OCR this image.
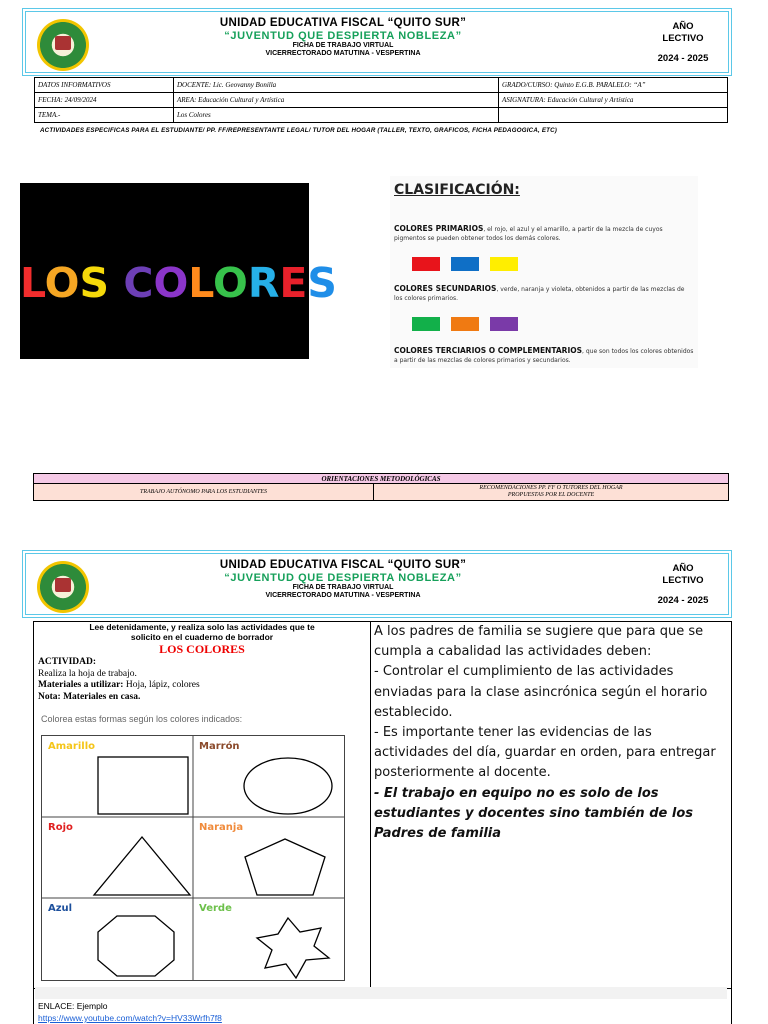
UNIDAD EDUCATIVA FISCAL “QUITO SUR”
“JUVENTUD QUE DESPIERTA NOBLEZA”
FICHA DE TRABAJO VIRTUAL
VICERRECTORADO MATUTINA - VESPERTINA
AÑO
LECTIVO
2024 - 2025
DATOS INFORMATIVOS	DOCENTE: Lic. Geovanny Bonilla	GRADO/CURSO: Quinto E.G.B. PARALELO: “A”
FECHA: 24/09/2024	AREA: Educación Cultural y Artística	ASIGNATURA: Educación Cultural y Artística
TEMA.-	Los Colores	
ACTIVIDADES ESPECIFICAS PARA EL ESTUDIANTE/ PP. FF/REPRESENTANTE LEGAL/ TUTOR DEL HOGAR (TALLER, TEXTO, GRAFICOS, FICHA PEDAGOGICA, ETC)
LOS COLORES
CLASIFICACIÓN:
COLORES PRIMARIOS, el rojo, el azul y el amarillo, a partir de la mezcla de cuyos pigmentos se pueden obtener todos los demás colores.
COLORES SECUNDARIOS, verde, naranja y violeta, obtenidos a partir de las mezclas de los colores primarios.
COLORES TERCIARIOS O COMPLEMENTARIOS, que son todos los colores obtenidos a partir de las mezclas de colores primarios y secundarios.
ORIENTACIONES METODOLÓGICAS
TRABAJO AUTÓNOMO PARA LOS ESTUDIANTES	RECOMENDACIONES PP. FF O TUTORES DEL HOGAR
PROPUESTAS POR EL DOCENTE
UNIDAD EDUCATIVA FISCAL “QUITO SUR”
“JUVENTUD QUE DESPIERTA NOBLEZA”
FICHA DE TRABAJO VIRTUAL
VICERRECTORADO MATUTINA - VESPERTINA
AÑO
LECTIVO
2024 - 2025
Lee detenidamente, y realiza solo las actividades que te
solicito en el cuaderno de borrador
LOS COLORES
ACTIVIDAD:
Realiza la hoja de trabajo.
Materiales a utilizar: Hoja, lápiz, colores
Nota: Materiales en casa.
Colorea estas formas según los colores indicados:
Amarillo	Marrón
Rojo	Naranja
Azul	Verde
A los padres de familia se sugiere que para que se cumpla a cabalidad las actividades deben:
- Controlar el cumplimiento de las actividades enviadas para la clase asincrónica según el horario establecido.
- Es importante tener las evidencias de las actividades del día, guardar en orden, para entregar posteriormente al docente.
- El trabajo en equipo no es solo de los estudiantes y docentes sino también de los Padres de familia
ENLACE: Ejemplo
https://www.youtube.com/watch?v=HV33Wrfh7f8
